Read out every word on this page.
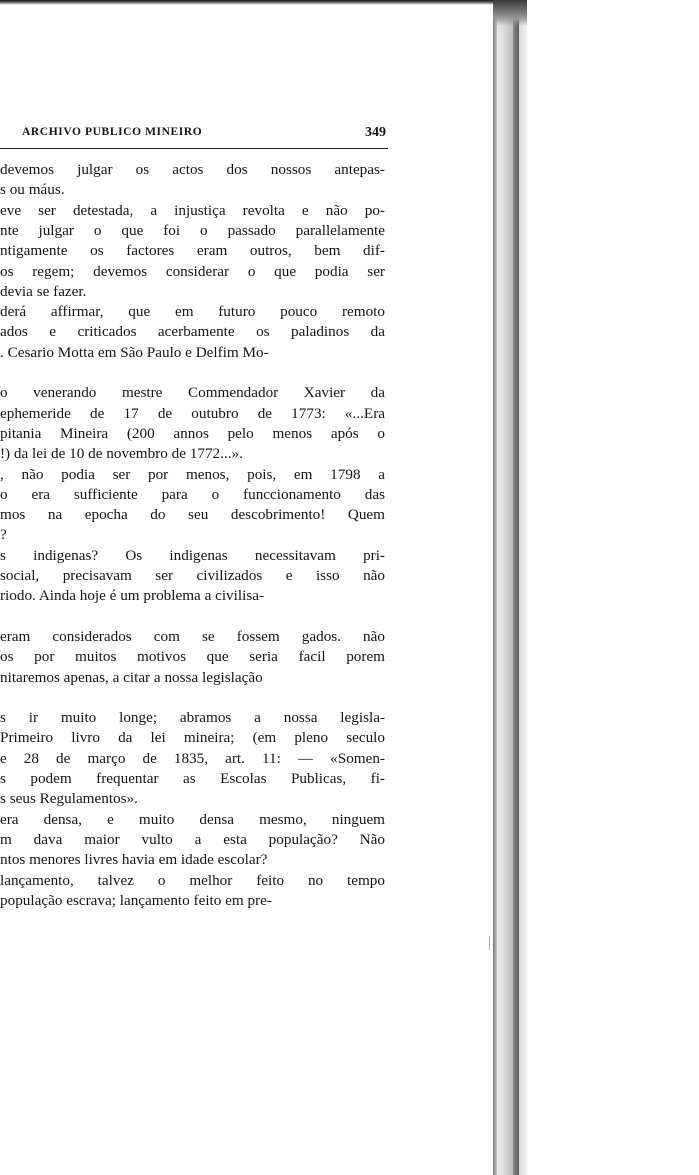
ARCHIVO PUBLICO MINEIRO	349
devemos julgar os actos dos nossos antepas-
s ou máus.
eve ser detestada, a injustiça revolta e não po-
nte julgar o que foi o passado parallelamente
ntigamente os factores eram outros, bem dif-
os regem; devemos considerar o que podia ser
devia se fazer.
derá affirmar, que em futuro pouco remoto
ados e criticados acerbamente os paladinos da
. Cesario Motta em São Paulo e Delfim Mo-
o venerando mestre Commendador Xavier da
ephemeride de 17 de outubro de 1773: «...Era
pitania Mineira (200 annos pelo menos após o
!) da lei de 10 de novembro de 1772...».
, não podia ser por menos, pois, em 1798 a
o era sufficiente para o funccionamento das
mos na epocha do seu descobrimento! Quem
?
s indigenas? Os indigenas necessitavam pri-
social, precisavam ser civilizados e isso não
riodo. Ainda hoje é um problema a civilisa-
eram considerados com se fossem gados. não
os por muitos motivos que seria facil porem
nitaremos apenas, a citar a nossa legislação
s ir muito longe; abramos a nossa legisla-
Primeiro livro da lei mineira; (em pleno seculo
e 28 de março de 1835, art. 11: — «Somen-
s podem frequentar as Escolas Publicas, fi-
s seus Regulamentos».
era densa, e muito densa mesmo, ninguem
m dava maior vulto a esta população? Não
ntos menores livres havia em idade escolar?
lançamento, talvez o melhor feito no tempo
população escrava; lançamento feito em pre-
